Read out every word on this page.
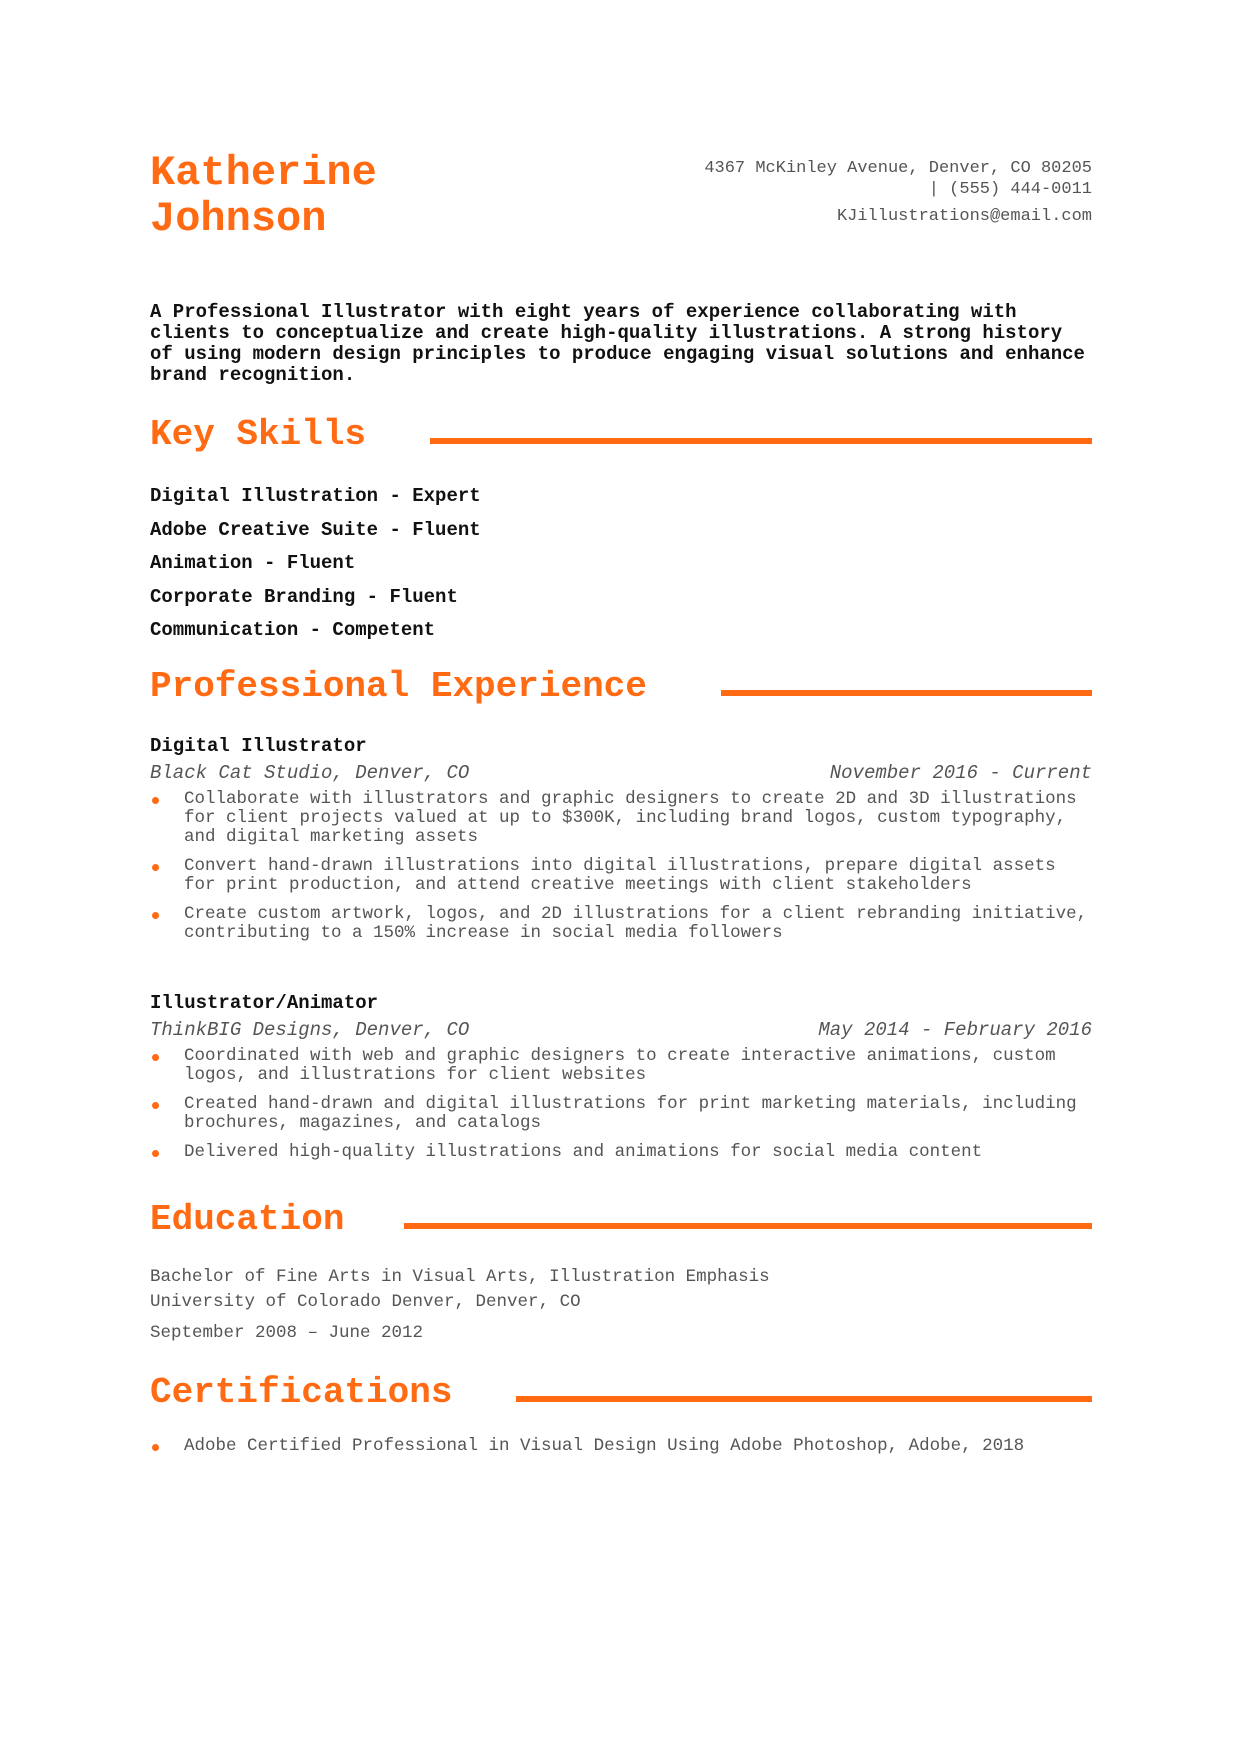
Katherine
Johnson
4367 McKinley Avenue, Denver, CO 80205
| (555) 444-0011
KJillustrations@email.com
A Professional Illustrator with eight years of experience collaborating with clients to conceptualize and create high-quality illustrations. A strong history of using modern design principles to produce engaging visual solutions and enhance brand recognition.
Key Skills
Digital Illustration - Expert
Adobe Creative Suite - Fluent
Animation - Fluent
Corporate Branding - Fluent
Communication - Competent
Professional Experience
Digital Illustrator
Black Cat Studio, Denver, CO	November 2016 - Current
Collaborate with illustrators and graphic designers to create 2D and 3D illustrations for client projects valued at up to $300K, including brand logos, custom typography, and digital marketing assets
Convert hand-drawn illustrations into digital illustrations, prepare digital assets for print production, and attend creative meetings with client stakeholders
Create custom artwork, logos, and 2D illustrations for a client rebranding initiative, contributing to a 150% increase in social media followers
Illustrator/Animator
ThinkBIG Designs, Denver, CO	May 2014 - February 2016
Coordinated with web and graphic designers to create interactive animations, custom logos, and illustrations for client websites
Created hand-drawn and digital illustrations for print marketing materials, including brochures, magazines, and catalogs
Delivered high-quality illustrations and animations for social media content
Education
Bachelor of Fine Arts in Visual Arts, Illustration Emphasis
University of Colorado Denver, Denver, CO
September 2008 – June 2012
Certifications
Adobe Certified Professional in Visual Design Using Adobe Photoshop, Adobe, 2018
